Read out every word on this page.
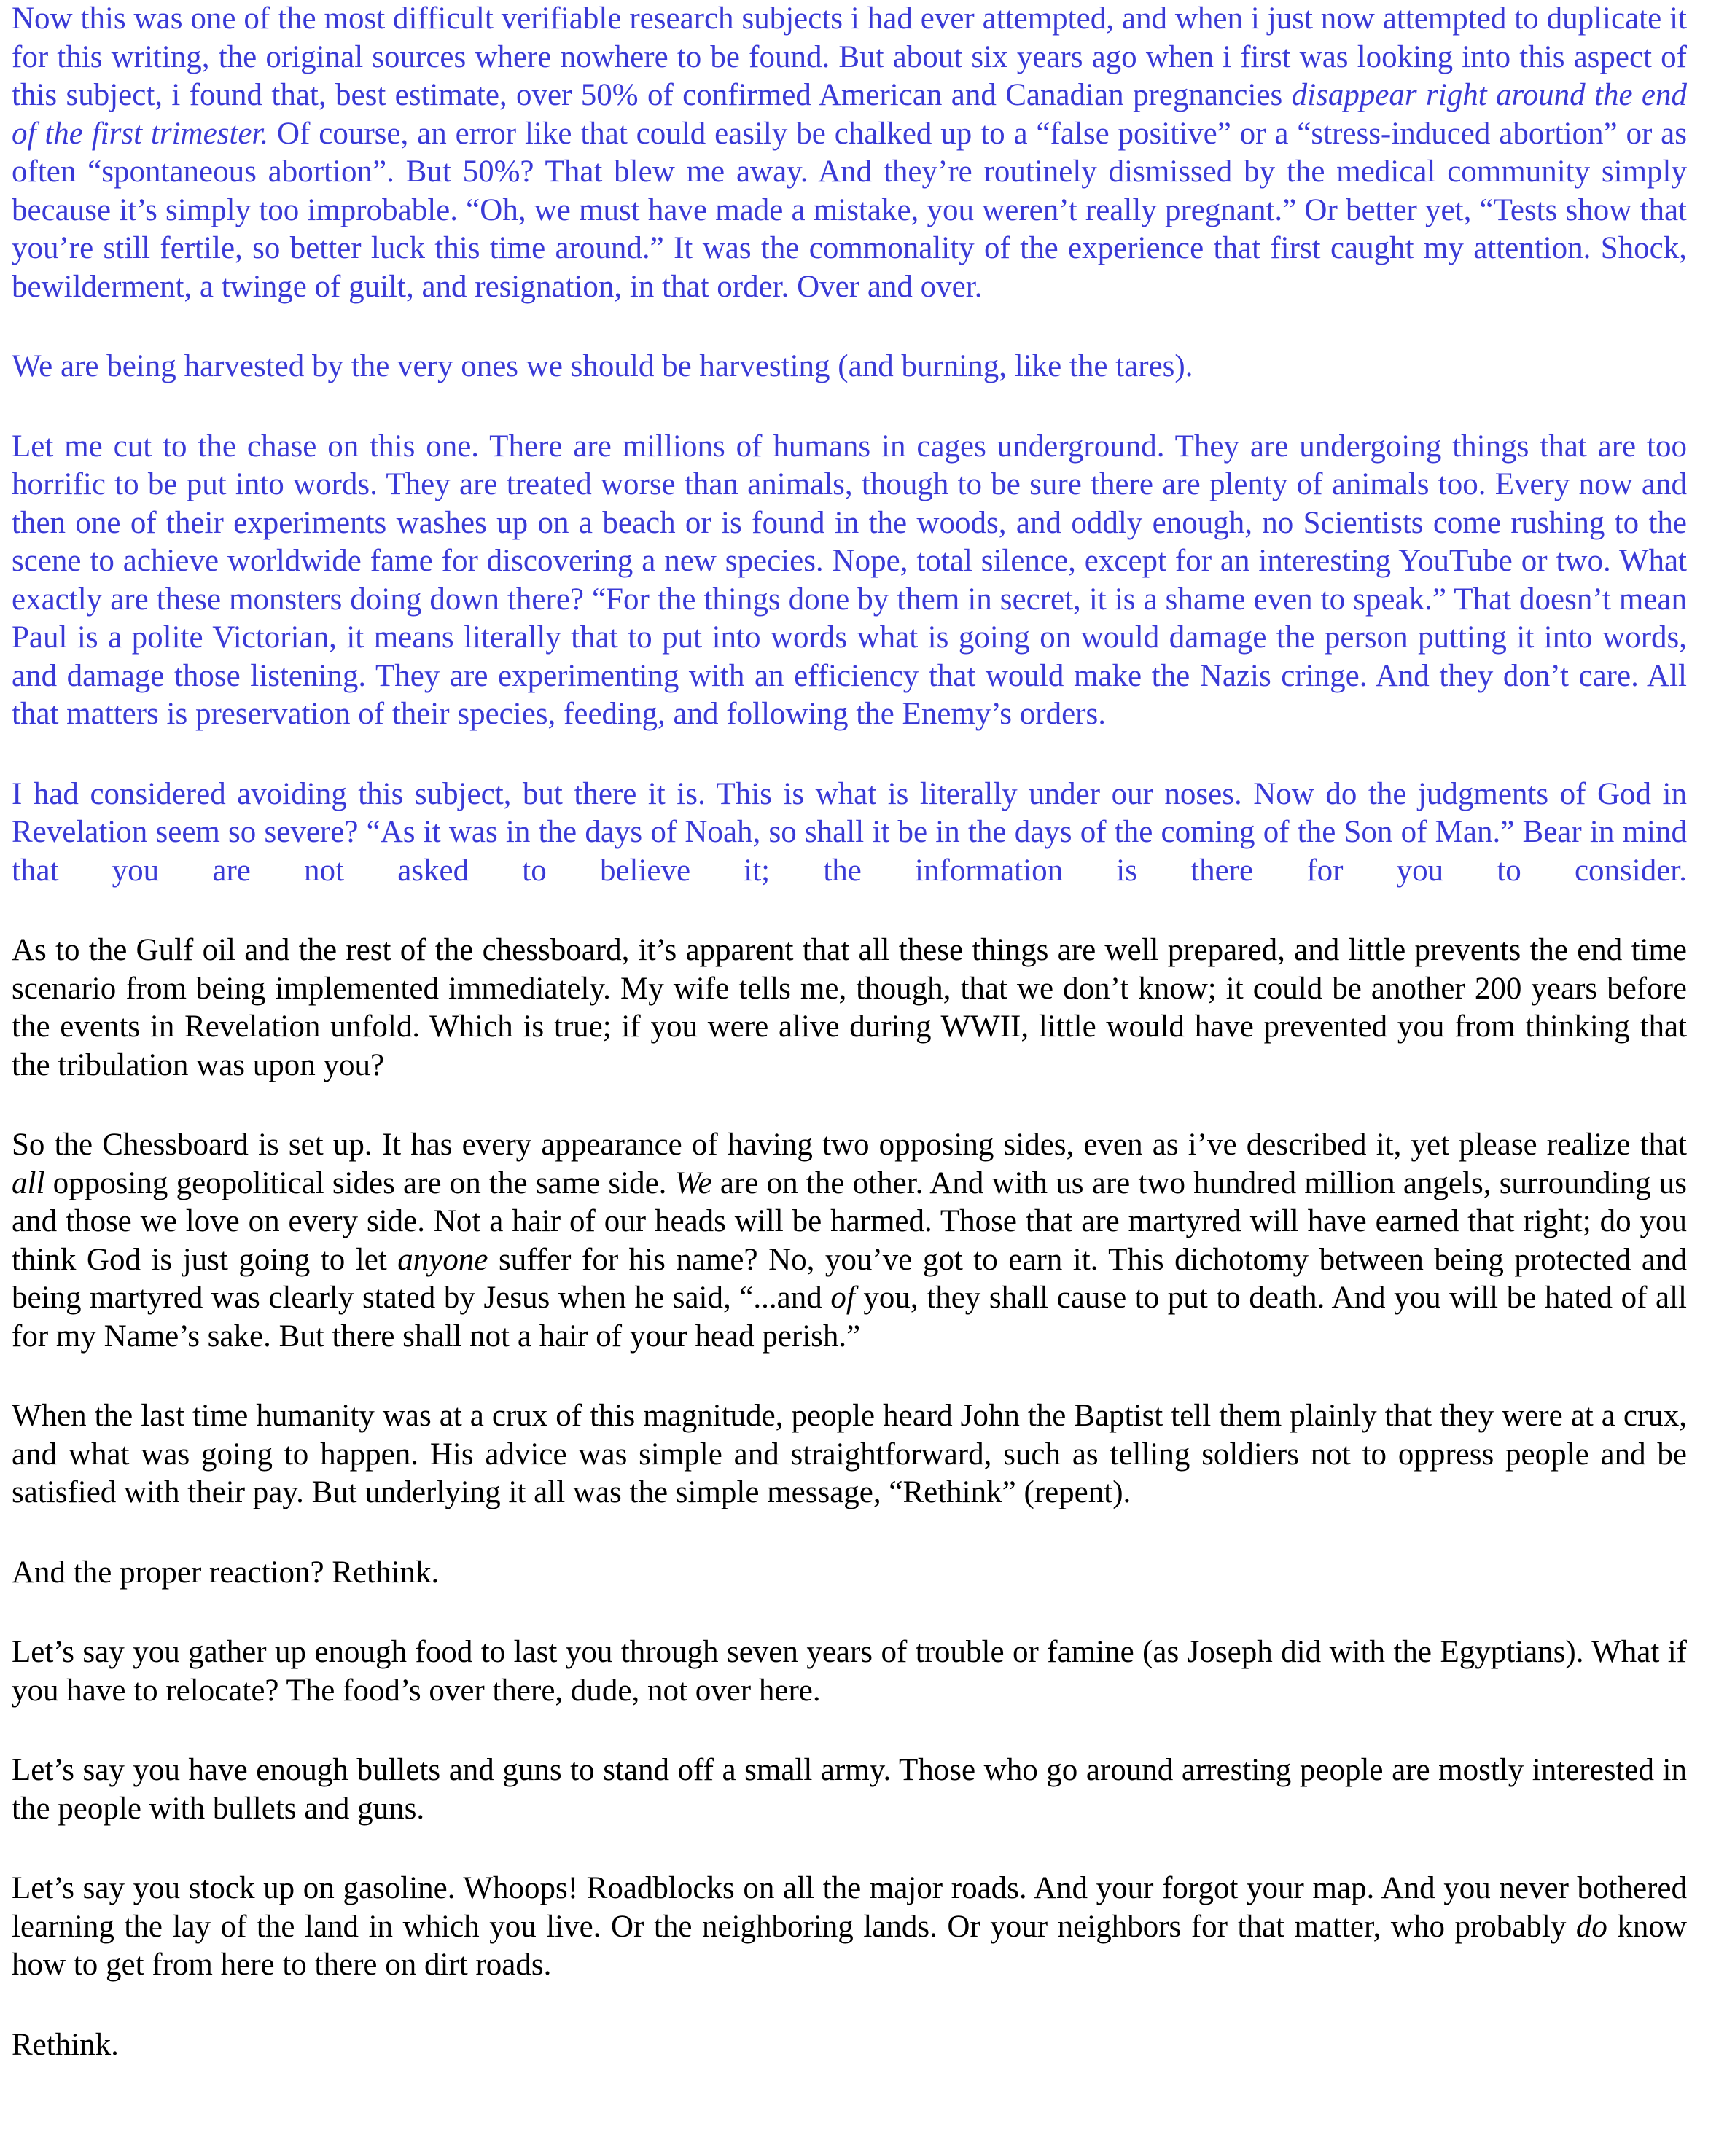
Now this was one of the most difficult verifiable research subjects i had ever attempted, and when i just now attempted to duplicate it for this writing, the original sources where nowhere to be found. But about six years ago when i first was looking into this aspect of this subject, i found that, best estimate, over 50% of confirmed American and Canadian pregnancies disappear right around the end of the first trimester. Of course, an error like that could easily be chalked up to a “false positive” or a “stress-induced abortion” or as often “spontaneous abortion”. But 50%? That blew me away. And they’re routinely dismissed by the medical community simply because it’s simply too improbable. “Oh, we must have made a mistake, you weren’t really pregnant.” Or better yet, “Tests show that you’re still fertile, so better luck this time around.” It was the commonality of the experience that first caught my attention. Shock, bewilderment, a twinge of guilt, and resignation, in that order. Over and over.

We are being harvested by the very ones we should be harvesting (and burning, like the tares).

Let me cut to the chase on this one. There are millions of humans in cages underground. They are undergoing things that are too horrific to be put into words. They are treated worse than animals, though to be sure there are plenty of animals too. Every now and then one of their experiments washes up on a beach or is found in the woods, and oddly enough, no Scientists come rushing to the scene to achieve worldwide fame for discovering a new species. Nope, total silence, except for an interesting YouTube or two. What exactly are these monsters doing down there? “For the things done by them in secret, it is a shame even to speak.” That doesn’t mean Paul is a polite Victorian, it means literally that to put into words what is going on would damage the person putting it into words, and damage those listening. They are experimenting with an efficiency that would make the Nazis cringe. And they don’t care. All that matters is preservation of their species, feeding, and following the Enemy’s orders.

I had considered avoiding this subject, but there it is. This is what is literally under our noses. Now do the judgments of God in Revelation seem so severe? “As it was in the days of Noah, so shall it be in the days of the coming of the Son of Man.” Bear in mind that you are not asked to believe it; the information is there for you to consider.

As to the Gulf oil and the rest of the chessboard, it’s apparent that all these things are well prepared, and little prevents the end time scenario from being implemented immediately. My wife tells me, though, that we don’t know; it could be another 200 years before the events in Revelation unfold. Which is true; if you were alive during WWII, little would have prevented you from thinking that the tribulation was upon you?

So the Chessboard is set up. It has every appearance of having two opposing sides, even as i’ve described it, yet please realize that all opposing geopolitical sides are on the same side. We are on the other. And with us are two hundred million angels, surrounding us and those we love on every side. Not a hair of our heads will be harmed. Those that are martyred will have earned that right; do you think God is just going to let anyone suffer for his name? No, you’ve got to earn it. This dichotomy between being protected and being martyred was clearly stated by Jesus when he said, “...and of you, they shall cause to put to death. And you will be hated of all for my Name’s sake. But there shall not a hair of your head perish.”

When the last time humanity was at a crux of this magnitude, people heard John the Baptist tell them plainly that they were at a crux, and what was going to happen. His advice was simple and straightforward, such as telling soldiers not to oppress people and be satisfied with their pay. But underlying it all was the simple message, “Rethink” (repent).

And the proper reaction? Rethink.

Let’s say you gather up enough food to last you through seven years of trouble or famine (as Joseph did with the Egyptians). What if you have to relocate? The food’s over there, dude, not over here.

Let’s say you have enough bullets and guns to stand off a small army. Those who go around arresting people are mostly interested in the people with bullets and guns.

Let’s say you stock up on gasoline. Whoops! Roadblocks on all the major roads. And your forgot your map. And you never bothered learning the lay of the land in which you live. Or the neighboring lands. Or your neighbors for that matter, who probably do know how to get from here to there on dirt roads.

Rethink.
